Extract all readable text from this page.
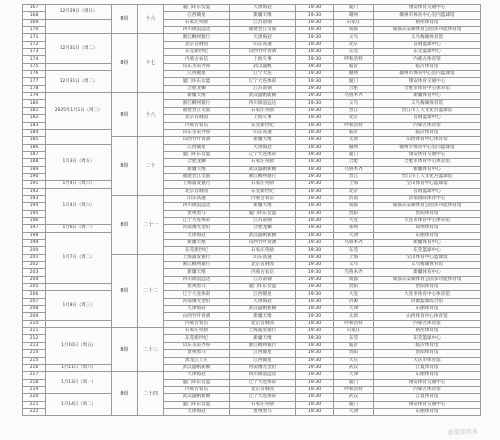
167	12月29日（周日）	8组	十六	厦门环东女篮	天津海冠	19:30	厦门	翔安体育交通中心
168				江西赣星	新疆天维	19:30	赣州	赣州市体育中心室内篮球馆
169				石家庄英励	江苏南钢	19:30	石家庄	裕彤体育馆
170				四川锦浪远达	福建晋江文旅	19:30	成都	成都东安湖体育公园多功能体育馆
171	12月31日（周二）	8组	十七	浙江稠州银行	天津海冠	19:30	义乌	义乌梅湖体育馆
172				北京首钢园	山东高速	19:30	北京	首钢篮球中心
173				东莞新世纪	山西竹叶青酒	19:30	东莞	东莞篮球中心
174				内蒙古农信	上海久事	19:30	呼和浩特	内蒙古体育馆
175				山东圣泉齐鲁	武汉盛帆	19:30	临沂	临沂体育馆
176	12月31日（周二）			江西赣星	辽宁大连	19:30	赣州	赣州市体育中心室内篮球馆
177				厦门环东女篮	辽宁大连体彩	19:30	厦门	翔安体育交通中心
178				合肥龙狮	江苏南钢	19:30	合肥	合肥市体育中心体育馆
179	2025年1月1日（周三）	8组	十八	新疆天维	武汉盛帆新腾	19:30	乌鲁木齐	新疆体育中心
180				浙江稠州银行	四川锦浪远达	19:30	义乌	义乌梅湖体育馆
181				福建晋江文旅	石家庄英励	19:30	晋江	晋江市工人文化宫篮球馆
182				北京首钢园	上海久事	19:30	北京	首钢篮球中心
183				内蒙古农信	东莞新世纪	19:30	呼和浩特	内蒙古体育馆
184				山东圣泉齐鲁	山东高速	19:30	临沂	临沂体育馆
185		8组	二十	山西竹叶青酒	新疆天维	19:30	太原	山西体育中心体育馆
186	1月3日（周五）			江西赣星	天津海冠	19:30	赣州	赣州市体育中心室内篮球馆
187				厦门环东女篮	辽宁大连体彩	19:30	厦门	翔安体育交通中心
188				合肥龙狮	石家庄英励	19:30	合肥	合肥市体育中心体育馆
189				新疆天维	武汉盛帆新腾	19:30	乌鲁木齐	新疆体育中心
190				福建晋江文旅	浙江稠州银行	19:30	晋江	晋江市工人文化宫篮球馆
191	1月4日（周六）			上海浦发银行	石家庄英励	19:30	上海	宝山体育中心篮球馆
192	1月4日（周六）			北京首钢园	东莞新世纪	19:30	北京	首钢篮球中心
193		8组	二十一	山东高速	内蒙古农信	19:30	济南	济南国际体育中心
194				四川锦浪远达	新疆天维	19:30	成都	成都东安湖体育公园多功能体育馆
195				贵州黑马	厦门环东女篮	19:30	贵阳	贵阳体育馆
196				辽宁大连体彩	江苏南钢	19:30	大连	大连市体育中心体育馆
197	1月6日（周一）			河南豫光金铅	合肥龙狮	19:30	郑州	郑州体育馆
198	1月7日（周二）			天津海冠	武汉盛帆新腾	19:30	天津	东丽体育馆
199				新疆天维	山西竹叶青酒	19:30	乌鲁木齐	新疆体育中心
200				东莞新世纪	石家庄英励	19:30	东莞	东莞篮球中心
201		8组	二十二	上海浦发银行	山东高速	19:30	上海	宝山体育中心篮球馆
202				浙江稠州银行	北京首钢园	19:30	义乌	义乌梅湖体育馆
203				新疆天维	内蒙古农信	19:30	乌鲁木齐	新疆体育中心
204				四川锦浪远达	江苏南钢	19:30	成都	成都东安湖体育公园多功能体育馆
205				贵州黑马	厦门环东女篮	19:30	贵阳	贵阳体育馆
206	1月8日（周三）			辽宁大连体彩	江西赣星	19:30	大连	大连市体育中心体育馆
207				河南豫光金铅	天津海冠	19:30	济源	济源篮球综合馆
208				天津海冠	武汉盛帆新腾	19:30	天津	东丽体育馆
209				山西竹叶青酒	新疆天维	19:30	太原	山西体育中心体育馆
210				内蒙古农信	北京首钢园	19:30	呼和浩特	内蒙古体育馆
211	1月10日（周五）	8组	二十三	石家庄英励	上海浦发银行	19:30	石家庄	裕彤体育馆
212				东莞新世纪	新疆天维	19:30	东莞	东莞篮球中心
213				山东圣泉齐鲁	浙江稠州银行	19:30	临沂	临沂体育馆
214				贵州黑马	江西赣星	19:30	贵阳	贵阳体育馆
215				黑龙江上庄	江西赣星	19:30	大庆	大庆市体育馆
216	1月11日（周六）			武汉盛帆新腾	河南豫光金铅	19:30	武汉	江夏体育馆
217	1月13日（周一）	8组	二十四	天津海冠	四川锦浪远达	19:30	天津	东丽体育馆
218				厦门环东女篮	辽宁大连体彩	19:30	厦门	翔安体育交通中心
219				内蒙古农信	北京首钢园	19:30	呼和浩特	内蒙古体育馆
220	1月14日（周二）			武汉盛帆新腾	辽宁大连体彩	19:30	武汉	江夏体育馆
221				厦门环东女篮	石家庄英励	19:30	厦门	翔安体育交通中心
222				天津海冠	贵州黑马	19:30	天津	东丽体育馆
@篮球世界
